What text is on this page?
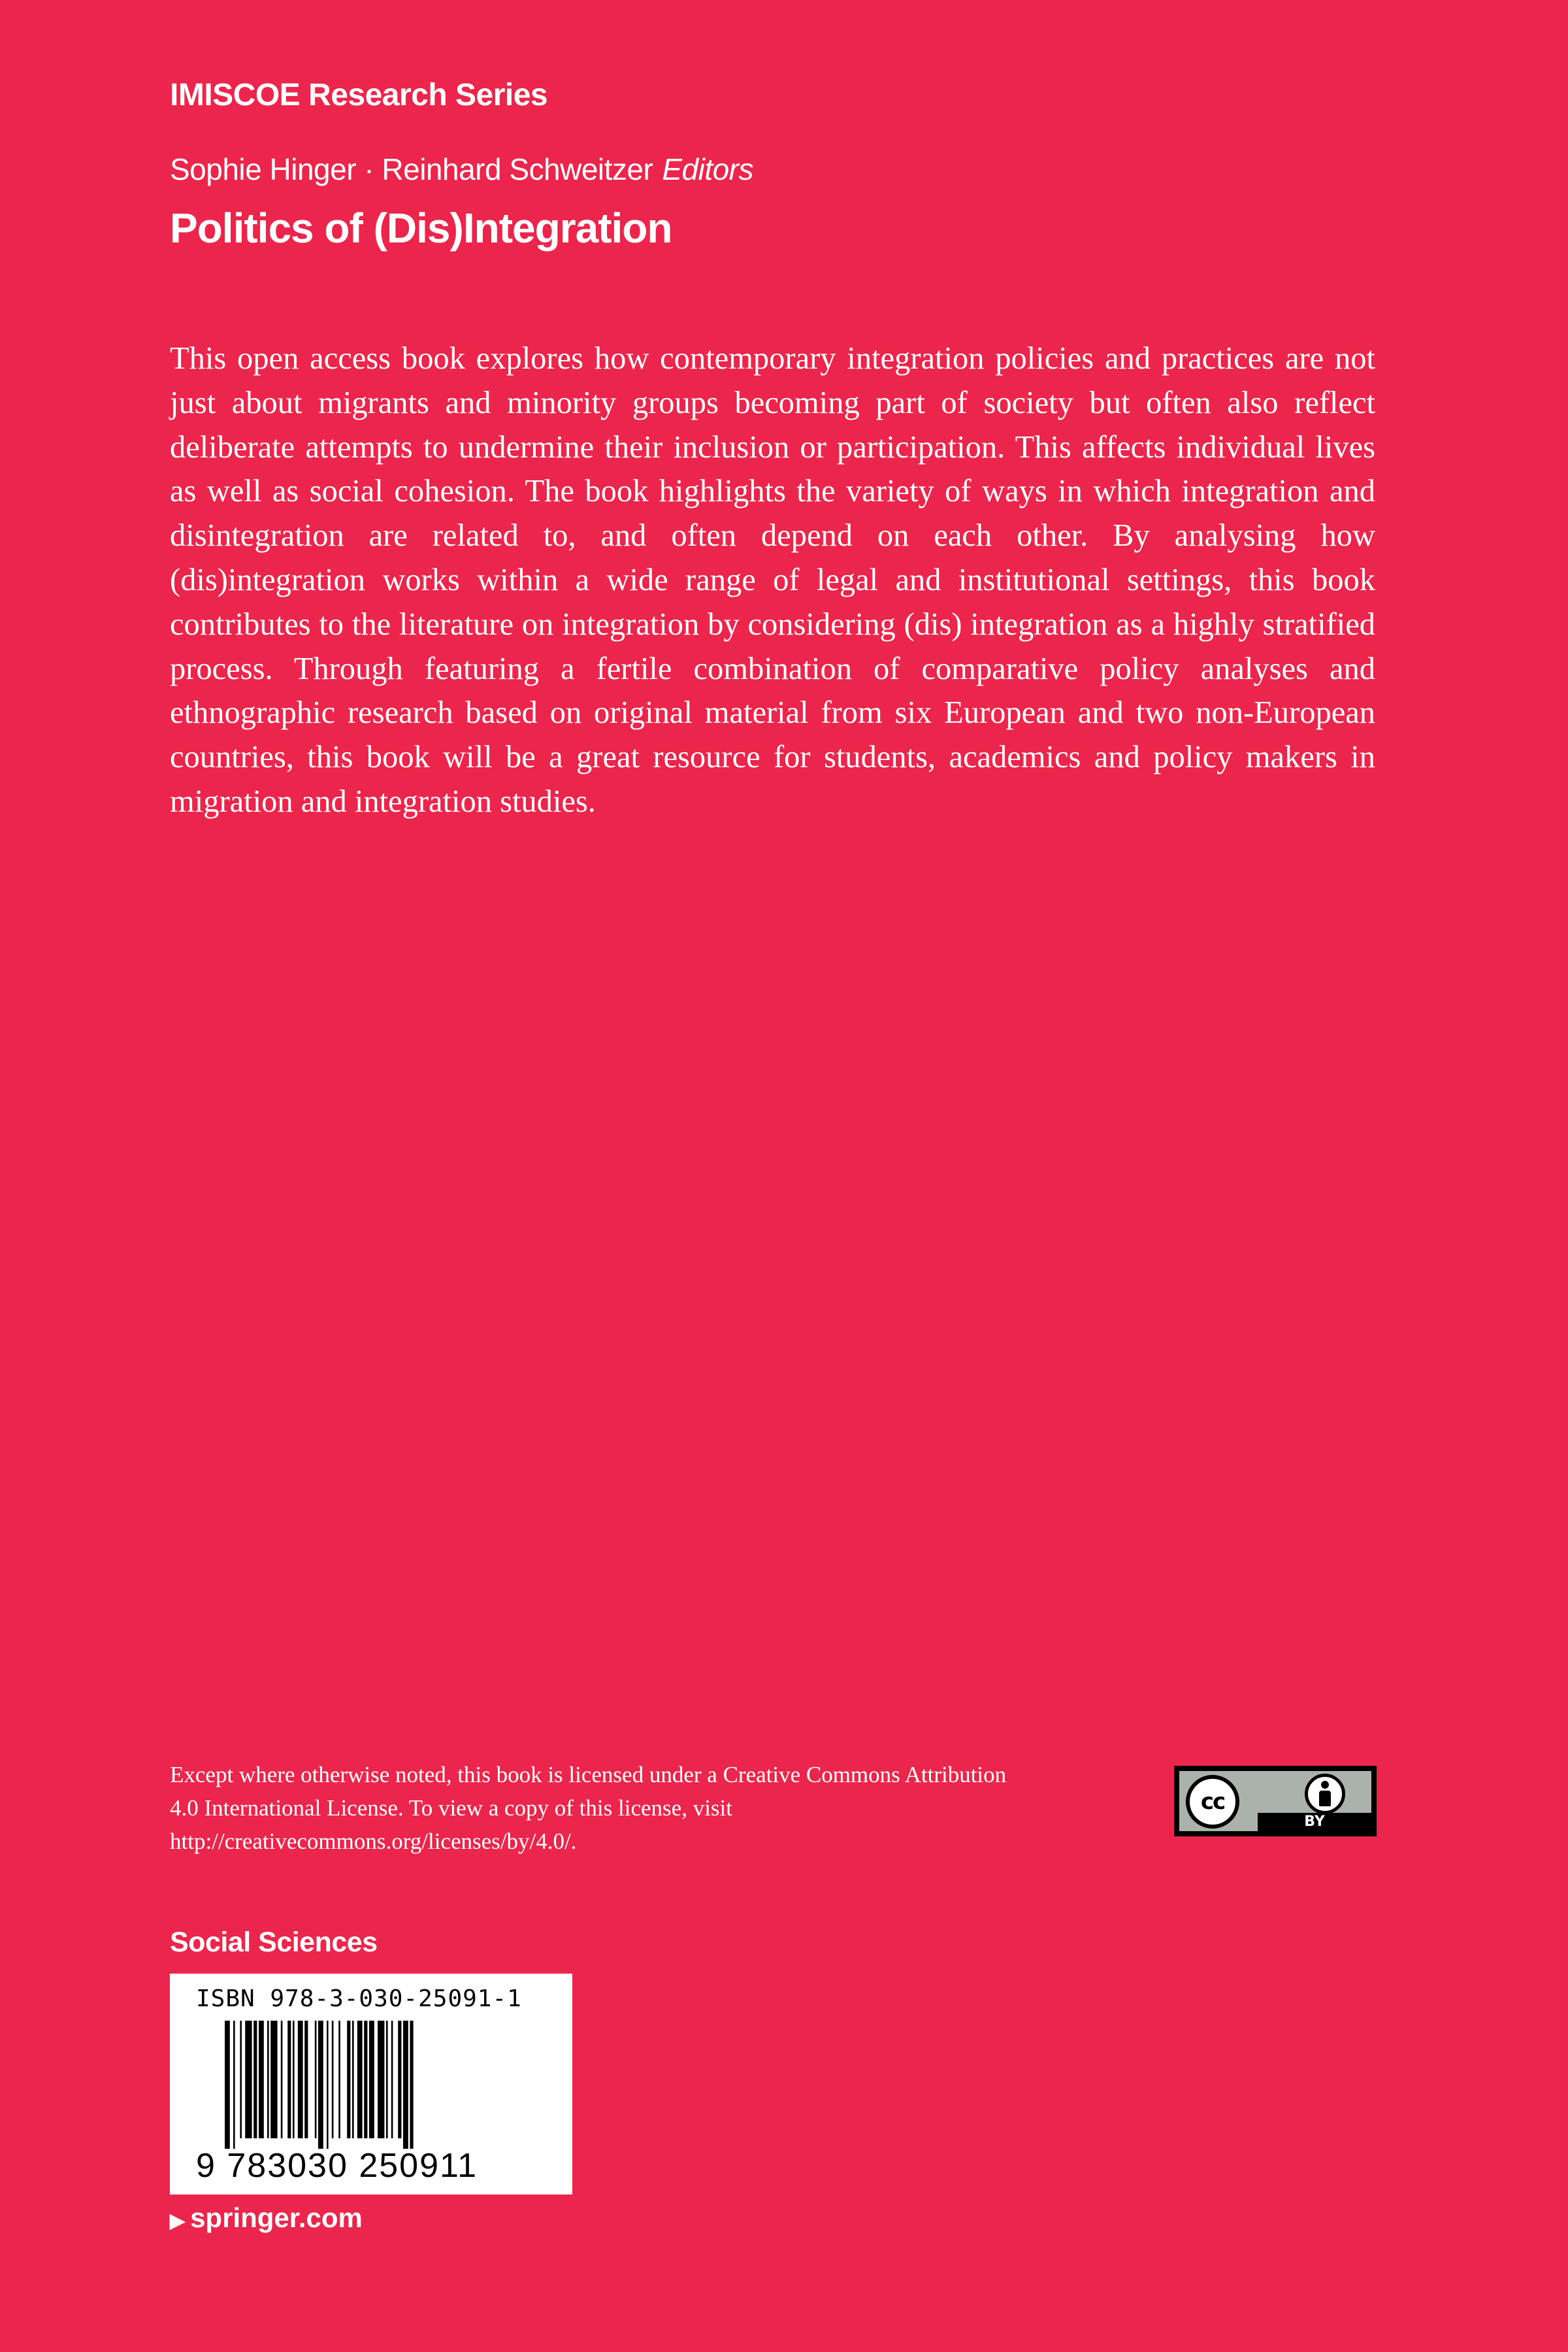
IMISCOE Research Series
Sophie Hinger · Reinhard Schweitzer Editors
Politics of (Dis)Integration

This open access book explores how contemporary integration policies and practices are not just about migrants and minority groups becoming part of society but often also reflect deliberate attempts to undermine their inclusion or participation. This affects individual lives as well as social cohesion. The book highlights the variety of ways in which integration and disintegration are related to, and often depend on each other. By analysing how (dis)integration works within a wide range of legal and institutional settings, this book contributes to the literature on integration by considering (dis) integration as a highly stratified process. Through featuring a fertile combination of comparative policy analyses and ethnographic research based on original material from six European and two non-European countries, this book will be a great resource for students, academics and policy makers in migration and integration studies.

Except where otherwise noted, this book is licensed under a Creative Commons Attribution 4.0 International License. To view a copy of this license, visit http://creativecommons.org/licenses/by/4.0/.

cc
BY
Social Sciences
ISBN 978-3-030-25091-1
9 783030 250911
▶ springer.com
